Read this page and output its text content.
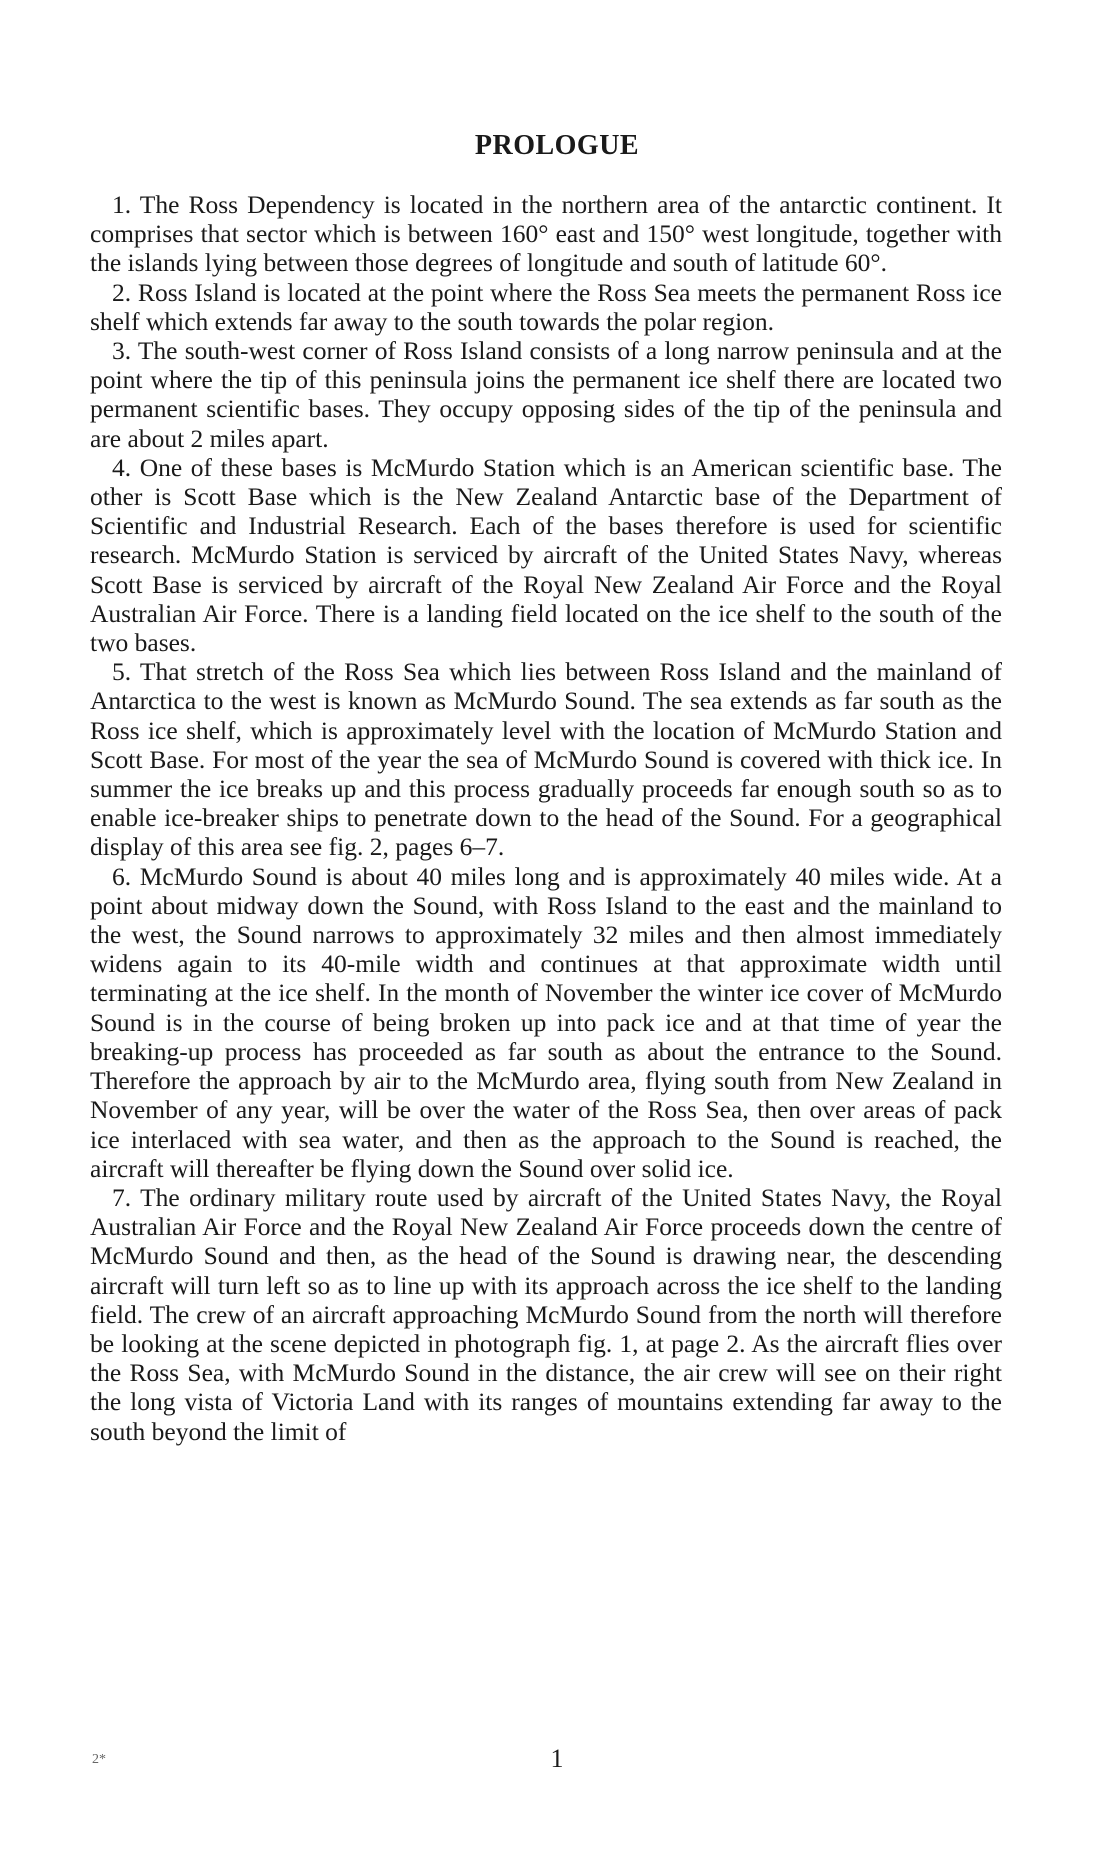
PROLOGUE

1. The Ross Dependency is located in the northern area of the antarctic continent. It comprises that sector which is between 160° east and 150° west longitude, together with the islands lying between those degrees of longitude and south of latitude 60°.

2. Ross Island is located at the point where the Ross Sea meets the permanent Ross ice shelf which extends far away to the south towards the polar region.

3. The south-west corner of Ross Island consists of a long narrow peninsula and at the point where the tip of this peninsula joins the permanent ice shelf there are located two permanent scientific bases. They occupy opposing sides of the tip of the peninsula and are about 2 miles apart.

4. One of these bases is McMurdo Station which is an American scientific base. The other is Scott Base which is the New Zealand Antarctic base of the Department of Scientific and Industrial Research. Each of the bases therefore is used for scientific research. McMurdo Station is serviced by aircraft of the United States Navy, whereas Scott Base is serviced by aircraft of the Royal New Zealand Air Force and the Royal Australian Air Force. There is a landing field located on the ice shelf to the south of the two bases.

5. That stretch of the Ross Sea which lies between Ross Island and the mainland of Antarctica to the west is known as McMurdo Sound. The sea extends as far south as the Ross ice shelf, which is approximately level with the location of McMurdo Station and Scott Base. For most of the year the sea of McMurdo Sound is covered with thick ice. In summer the ice breaks up and this process gradually proceeds far enough south so as to enable ice-breaker ships to penetrate down to the head of the Sound. For a geographical display of this area see fig. 2, pages 6–7.

6. McMurdo Sound is about 40 miles long and is approximately 40 miles wide. At a point about midway down the Sound, with Ross Island to the east and the mainland to the west, the Sound narrows to approximately 32 miles and then almost immediately widens again to its 40-mile width and continues at that approximate width until terminating at the ice shelf. In the month of November the winter ice cover of McMurdo Sound is in the course of being broken up into pack ice and at that time of year the breaking-up process has proceeded as far south as about the entrance to the Sound. Therefore the approach by air to the McMurdo area, flying south from New Zealand in November of any year, will be over the water of the Ross Sea, then over areas of pack ice interlaced with sea water, and then as the approach to the Sound is reached, the aircraft will thereafter be flying down the Sound over solid ice.

7. The ordinary military route used by aircraft of the United States Navy, the Royal Australian Air Force and the Royal New Zealand Air Force proceeds down the centre of McMurdo Sound and then, as the head of the Sound is drawing near, the descending aircraft will turn left so as to line up with its approach across the ice shelf to the landing field. The crew of an aircraft approaching McMurdo Sound from the north will therefore be looking at the scene depicted in photograph fig. 1, at page 2. As the aircraft flies over the Ross Sea, with McMurdo Sound in the distance, the air crew will see on their right the long vista of Victoria Land with its ranges of mountains extending far away to the south beyond the limit of

2*	1
